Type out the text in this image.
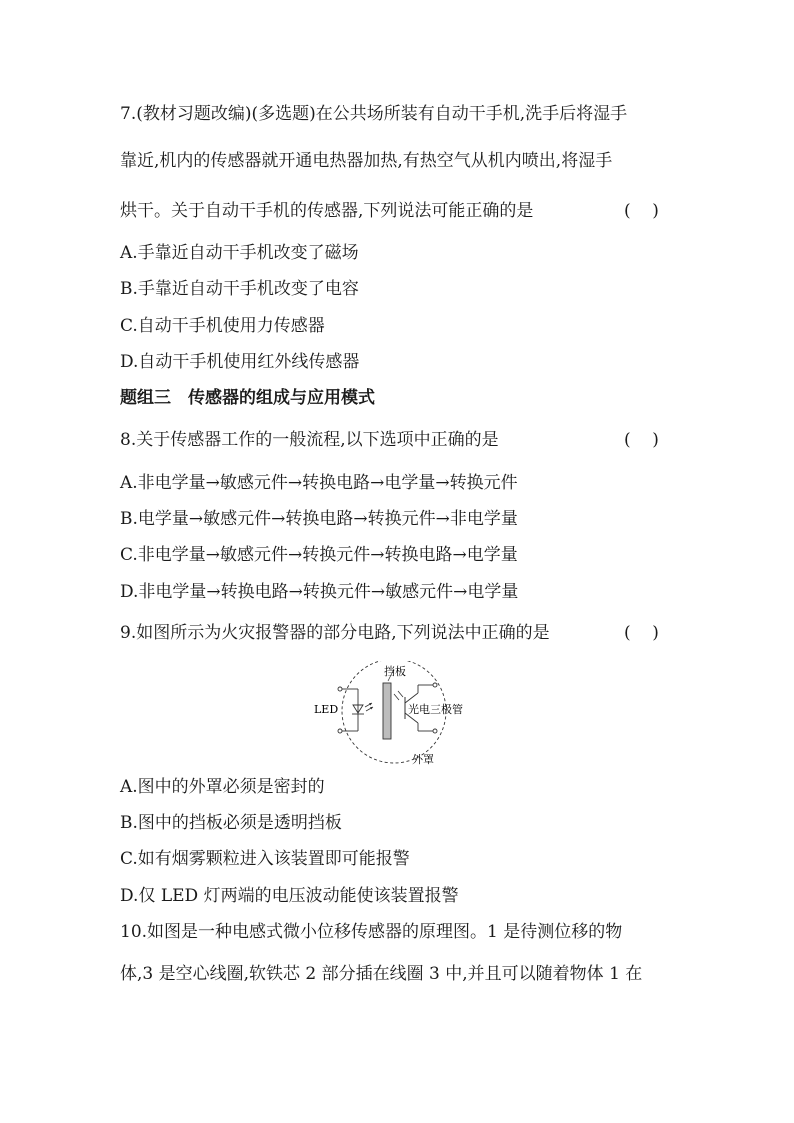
7.(教材习题改编)(多选题)在公共场所装有自动干手机,洗手后将湿手
靠近,机内的传感器就开通电热器加热,有热空气从机内喷出,将湿手
烘干。关于自动干手机的传感器,下列说法可能正确的是	(    )
A.手靠近自动干手机改变了磁场
B.手靠近自动干手机改变了电容
C.自动干手机使用力传感器
D.自动干手机使用红外线传感器
题组三　传感器的组成与应用模式
8.关于传感器工作的一般流程,以下选项中正确的是	(    )
A.非电学量→敏感元件→转换电路→电学量→转换元件
B.电学量→敏感元件→转换电路→转换元件→非电学量
C.非电学量→敏感元件→转换元件→转换电路→电学量
D.非电学量→转换电路→转换元件→敏感元件→电学量
9.如图所示为火灾报警器的部分电路,下列说法中正确的是	(    )
挡板
LED	光电三极管
外罩
A.图中的外罩必须是密封的
B.图中的挡板必须是透明挡板
C.如有烟雾颗粒进入该装置即可能报警
D.仅 LED 灯两端的电压波动能使该装置报警
10.如图是一种电感式微小位移传感器的原理图。1 是待测位移的物
体,3 是空心线圈,软铁芯 2 部分插在线圈 3 中,并且可以随着物体 1 在
